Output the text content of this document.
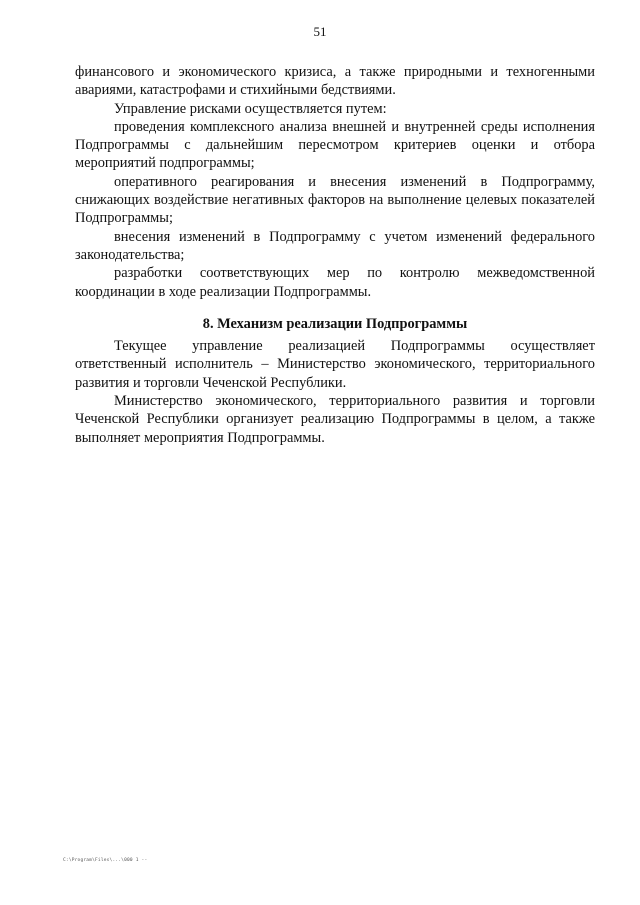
51

финансового и экономического кризиса, а также природными и техногенными авариями, катастрофами и стихийными бедствиями.

Управление рисками осуществляется путем:

проведения комплексного анализа внешней и внутренней среды исполнения Подпрограммы с дальнейшим пересмотром критериев оценки и отбора мероприятий подпрограммы;

оперативного реагирования и внесения изменений в Подпрограмму, снижающих воздействие негативных факторов на выполнение целевых показателей Подпрограммы;

внесения изменений в Подпрограмму с учетом изменений федерального законодательства;

разработки соответствующих мер по контролю межведомственной координации в ходе реализации Подпрограммы.

8. Механизм реализации Подпрограммы

Текущее управление реализацией Подпрограммы осуществляет ответственный исполнитель – Министерство экономического, территориального развития и торговли Чеченской Республики.

Министерство экономического, территориального развития и торговли Чеченской Республики организует реализацию Подпрограммы в целом, а также выполняет мероприятия Подпрограммы.

C:\Program\Files\...\000 1 --
